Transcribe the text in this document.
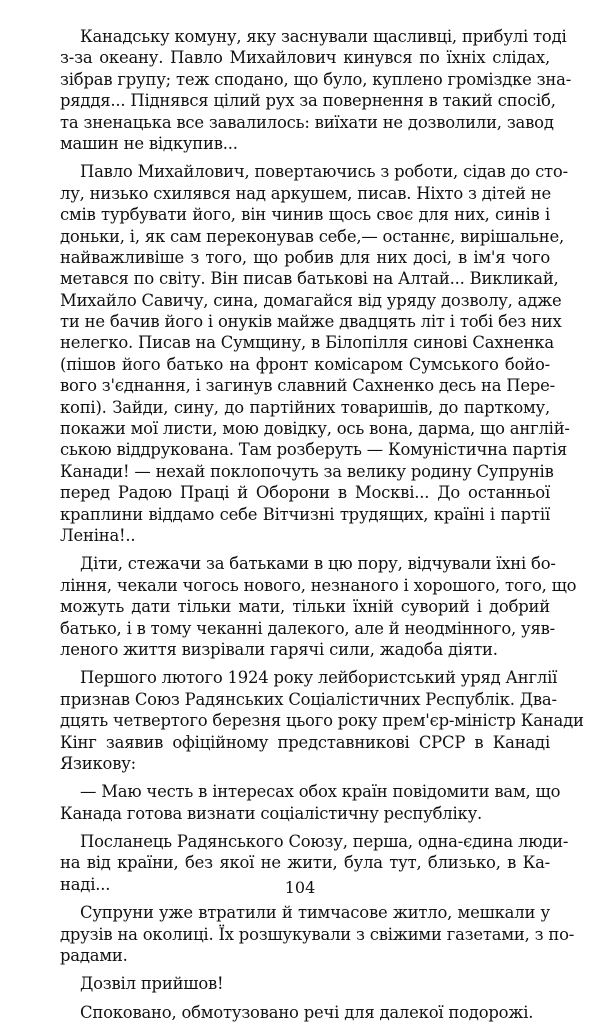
Канадську комуну, яку заснували щасливці, прибулі тоді
з-за океану. Павло Михайлович кинувся по їхніх слідах,
зібрав групу; теж сподано, що було, куплено громіздке зна-
ряддя... Піднявся цілий рух за повернення в такий спосіб,
та зненацька все завалилось: виїхати не дозволили, завод
машин не відкупив...
Павло Михайлович, повертаючись з роботи, сідав до сто-
лу, низько схилявся над аркушем, писав. Ніхто з дітей не
смів турбувати його, він чинив щось своє для них, синів і
доньки, і, як сам переконував себе,— останнє, вирішальне,
найважливіше з того, що робив для них досі, в ім'я чого
метався по світу. Він писав батькові на Алтай... Викликай,
Михайло Савичу, сина, домагайся від уряду дозволу, адже
ти не бачив його і онуків майже двадцять літ і тобі без них
нелегко. Писав на Сумщину, в Білопілля синові Сахненка
(пішов його батько на фронт комісаром Сумського бойо-
вого з'єднання, і загинув славний Сахненко десь на Пере-
копі). Зайди, сину, до партійних товаришів, до парткому,
покажи мої листи, мою довідку, ось вона, дарма, що англій-
ською віддрукована. Там розберуть — Комуністична партія
Канади! — нехай поклопочуть за велику родину Супрунів
перед Радою Праці й Оборони в Москві... До останньої
краплини віддамо себе Вітчизні трудящих, країні і партії
Леніна!..
Діти, стежачи за батьками в цю пору, відчували їхні бо-
ління, чекали чогось нового, незнаного і хорошого, того, що
можуть дати тільки мати, тільки їхній суворий і добрий
батько, і в тому чеканні далекого, але й неодмінного, уяв-
леного життя визрівали гарячі сили, жадоба діяти.
Першого лютого 1924 року лейбористський уряд Англії
признав Союз Радянських Соціалістичних Республік. Два-
дцять четвертого березня цього року прем'єр-міністр Канади
Кінг заявив офіційному представникові СРСР в Канаді
Язикову:
— Маю честь в інтересах обох країн повідомити вам, що
Канада готова визнати соціалістичну республіку.
Посланець Радянського Союзу, перша, одна-єдина люди-
на від країни, без якої не жити, була тут, близько, в Ка-
наді...
Супруни уже втратили й тимчасове житло, мешкали у
друзів на околиці. Їх розшукували з свіжими газетами, з по-
радами.
Дозвіл прийшов!
Споковано, обмотузовано речі для далекої подорожі.
104
